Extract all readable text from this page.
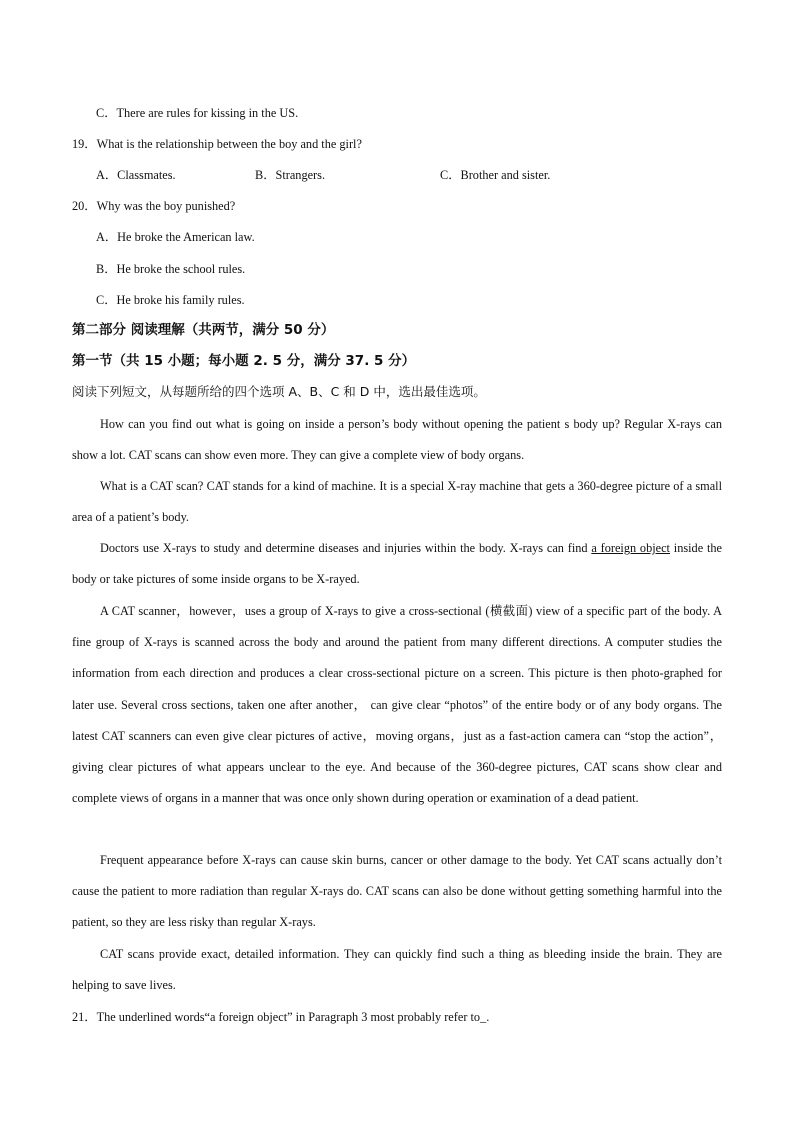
C．There are rules for kissing in the US.
19．What is the relationship between the boy and the girl?
A．Classmates.	B．Strangers.	C．Brother and sister.
20．Why was the boy punished?
A．He broke the American law.
B．He broke the school rules.
C．He broke his family rules.
第二部分 阅读理解（共两节，满分 50 分）
第一节（共 15 小题；每小题 2. 5 分，满分 37. 5 分）
阅读下列短文，从每题所给的四个选项 A、B、C 和 D 中，选出最佳选项。
How can you find out what is going on inside a person’s body without opening the patient s body up? Regular X-rays can show a lot. CAT scans can show even more. They can give a complete view of body organs.
What is a CAT scan? CAT stands for a kind of machine. It is a special X-ray machine that gets a 360-degree picture of a small area of a patient’s body.
Doctors use X-rays to study and determine diseases and injuries within the body. X-rays can find a foreign object inside the body or take pictures of some inside organs to be X-rayed.
A CAT scanner，however，uses a group of X-rays to give a cross-sectional (横截面) view of a specific part of the body. A fine group of X-rays is scanned across the body and around the patient from many different directions. A computer studies the information from each direction and produces a clear cross-sectional picture on a screen. This picture is then photo-graphed for later use. Several cross sections, taken one after another， can give clear “photos” of the entire body or of any body organs. The latest CAT scanners can even give clear pictures of active，moving organs，just as a fast-action camera can “stop the action”，giving clear pictures of what appears unclear to the eye. And because of the 360-degree pictures, CAT scans show clear and complete views of organs in a manner that was once only shown during operation or examination of a dead patient.
Frequent appearance before X-rays can cause skin burns, cancer or other damage to the body. Yet CAT scans actually don’t cause the patient to more radiation than regular X-rays do. CAT scans can also be done without getting something harmful into the patient, so they are less risky than regular X-rays.
CAT scans provide exact, detailed information. They can quickly find such a thing as bleeding inside the brain. They are helping to save lives.
21．The underlined words“a foreign object” in Paragraph 3 most probably refer to_.
